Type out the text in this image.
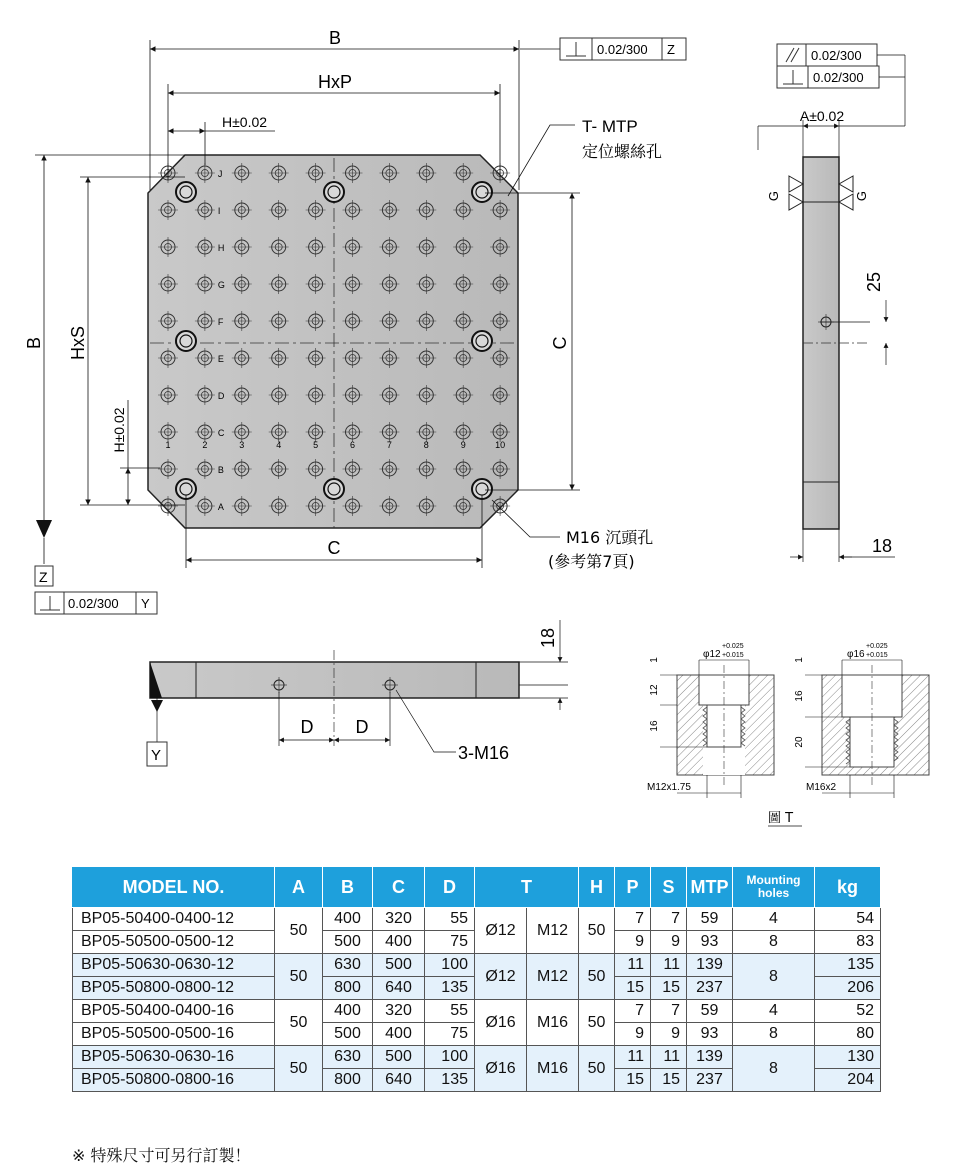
J
I
H
G
F
E
D
C
B
A
1	2	3	4	5	6	7	8	9	10
B
HxP
H±0.02
0.02/300 Z
T- MTP
定位螺絲孔
B HxS
H±0.02
Z
0.02/300 Y
C
C
M16 沉頭孔
(參考第7頁)
G	G
25
A±0.02
18
0.02/300
0.02/300
D D
3-M16
18
Y
φ12
+0.025
+0.015
1
12
16
M12x1.75
φ16
+0.025
+0.015
1
16
20
M16x2
圖 T
MODEL NO.	A	B	C	D	T		H	P	S	MTP	Mounting holes	kg
BP05-50400-0400-12	50	400	320	55	Ø12	M12	50	7	7	59	4	54
BP05-50500-0500-12		500	400	75				9	9	93	8	83
BP05-50630-0630-12	50	630	500	100	Ø12	M12	50	11	11	139	8	135
BP05-50800-0800-12		800	640	135				15	15	237		206
BP05-50400-0400-16	50	400	320	55	Ø16	M16	50	7	7	59	4	52
BP05-50500-0500-16		500	400	75				9	9	93	8	80
BP05-50630-0630-16	50	630	500	100	Ø16	M16	50	11	11	139	8	130
BP05-50800-0800-16		800	640	135				15	15	237		204
※ 特殊尺寸可另行訂製！
